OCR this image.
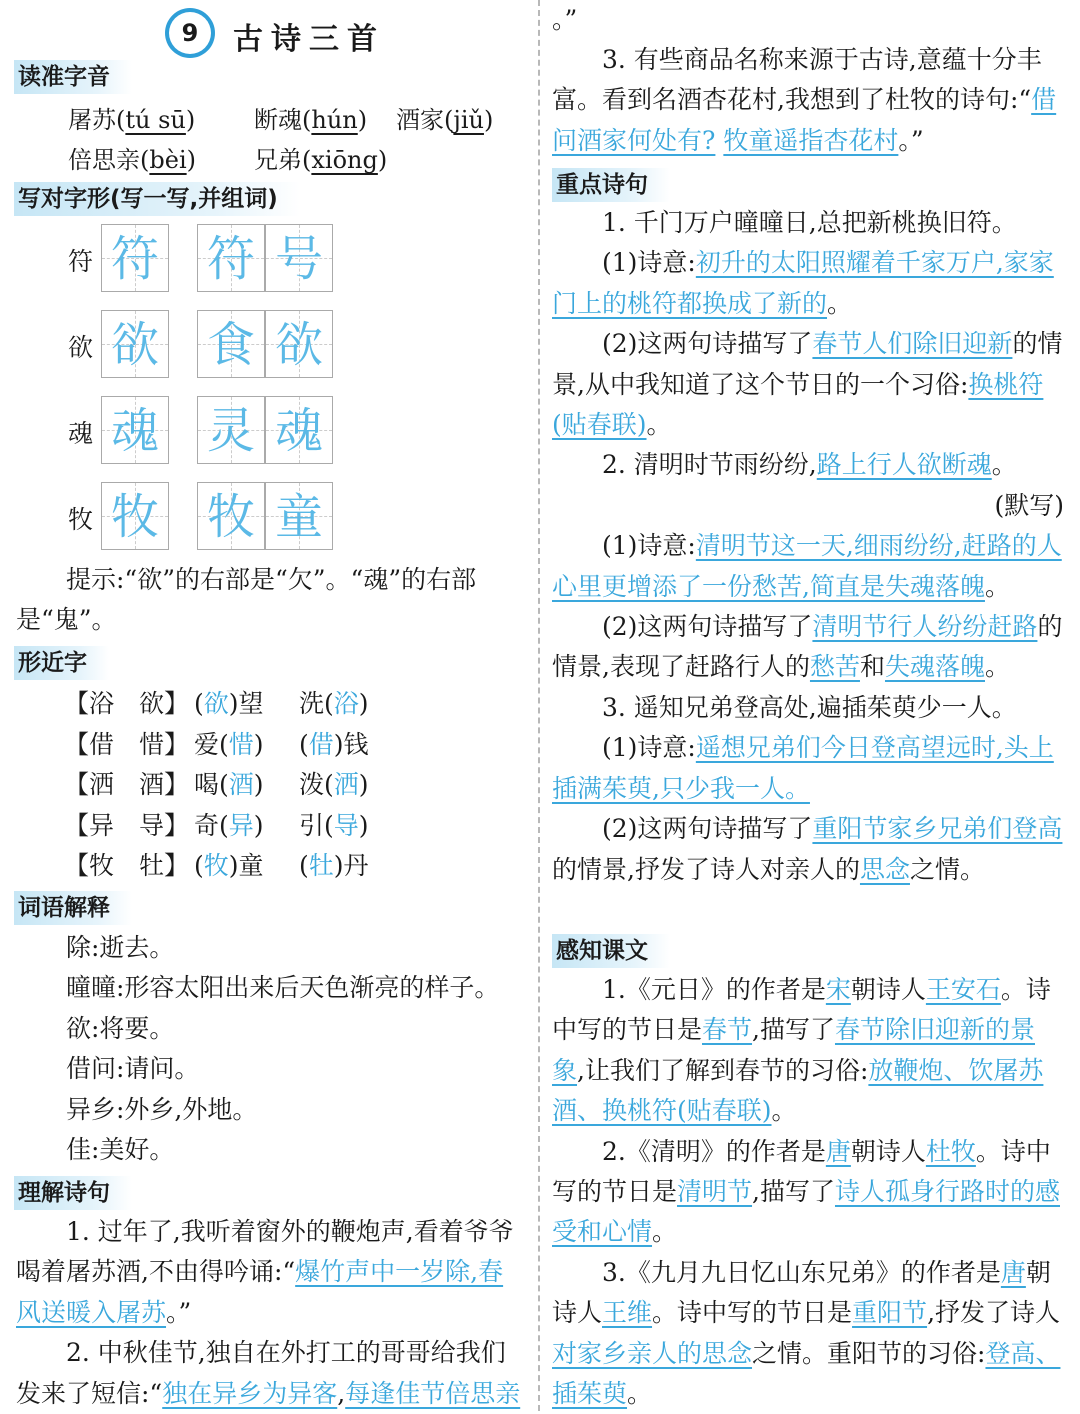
9	古诗三首
读准字音
屠苏(tú sū) 断魂(hún) 酒家(jiǔ)
倍思亲(bèi) 兄弟(xiōng)
写对字形(写一写,并组词)
符 符 符 号
欲 欲 食 欲
魂 魂 灵 魂
牧 牧 牧 童

提示:“欲”的右部是“欠”。“魂”的右部是“鬼”。

形近字
【浴　欲】 (欲)望 洗(浴)
【借　惜】 爱(惜) (借)钱
【洒　酒】 喝(酒) 泼(洒)
【异　导】 奇(异) 引(导)
【牧　牡】 (牧)童 (牡)丹
词语解释

除:逝去。

曈曈:形容太阳出来后天色渐亮的样子。

欲:将要。

借问:请问。

异乡:外乡,外地。

佳:美好。

理解诗句

1. 过年了,我听着窗外的鞭炮声,看着爷爷喝着屠苏酒,不由得吟诵:“爆竹声中一岁除,春风送暖入屠苏。”

2. 中秋佳节,独自在外打工的哥哥给我们发来了短信:“独在异乡为异客,每逢佳节倍思亲

。”

3. 有些商品名称来源于古诗,意蕴十分丰富。看到名酒杏花村,我想到了杜牧的诗句:“借问酒家何处有? 牧童遥指杏花村。”

重点诗句

1. 千门万户曈曈日,总把新桃换旧符。

(1)诗意:初升的太阳照耀着千家万户,家家门上的桃符都换成了新的。

(2)这两句诗描写了春节人们除旧迎新的情景,从中我知道了这个节日的一个习俗:换桃符(贴春联)。

2. 清明时节雨纷纷,路上行人欲断魂。

(默写)

(1)诗意:清明节这一天,细雨纷纷,赶路的人心里更增添了一份愁苦,简直是失魂落魄。

(2)这两句诗描写了清明节行人纷纷赶路的情景,表现了赶路行人的愁苦和失魂落魄。

3. 遥知兄弟登高处,遍插茱萸少一人。

(1)诗意:遥想兄弟们今日登高望远时,头上插满茱萸,只少我一人。

(2)这两句诗描写了重阳节家乡兄弟们登高的情景,抒发了诗人对亲人的思念之情。

感知课文

1.《元日》的作者是宋朝诗人王安石。诗中写的节日是春节,描写了春节除旧迎新的景象,让我们了解到春节的习俗:放鞭炮、饮屠苏酒、换桃符(贴春联)。

2.《清明》的作者是唐朝诗人杜牧。诗中写的节日是清明节,描写了诗人孤身行路时的感受和心情。

3.《九月九日忆山东兄弟》的作者是唐朝诗人王维。诗中写的节日是重阳节,抒发了诗人对家乡亲人的思念之情。重阳节的习俗:登高、插茱萸。
